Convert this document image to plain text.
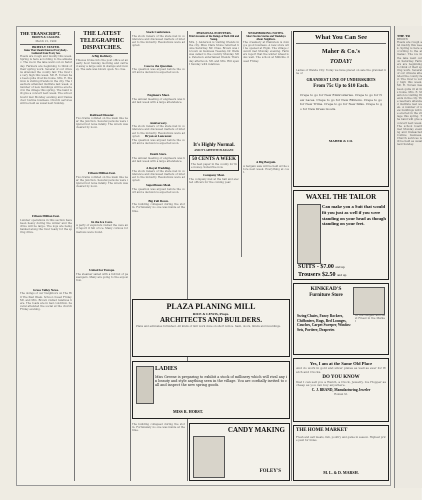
THE TRANSCRIPT.
BROWN & CALKINS.
March 21, 1900
BRIEFLY STATED.
Items That Should Interest Everybody--Gathered from Every Sea.
Roads are rough and muddy this week. Spring is here according to the almanac. The ice in the lake went out on Saturday. Farmers are beginning to think of their spring work. Several of our citizens attended the county fair. The river is very high this week. Mr. R. Torsen has been quite ill at his home. Mrs. E. Stanton is visiting friends in the city. The teachers attended institute last week. A number of new buildings will be erected in the village this spring. The band will give a concert next week. The school board met Monday evening and transacted routine business. Church services will be held as usual next Sunday.
Fifteen Million Feet.
Lumber operations in this section have been heavy during the winter and the drive will be large. The logs are being banked along the river ready for the spring drive.
Grass Valley News.
The doings of our Neighbors on The Hill The Past Week. School closed Friday. Mr. and Mrs. Brown visited relatives here. The roads are in bad condition. Several attended the social at the church Friday evening.
THE LATEST
TELEGRAPHIC
DISPATCHES.
A Big Robbery.
Thieves broke into the post office at an early hour Sunday morning and carried away a large sum in stamps and money. The safe was blown open. No clue.
Railroad Disaster.
Two trains collided on the main line near the junction. Several persons were injured but none fatally. The wreck was cleared by noon.
Fifteen Million Feet.
Two trains collided on the main line near the junction. Several persons were injured but none fatally. The wreck was cleared by noon.
In the Ice Cave.
A party of explorers visited the cave and report it full of ice. Many curious formations were found.
United for Europe.
The steamer sailed with a full list of passengers. Many are going to the exposition.
Stock Conference.
The stock raisers of the state met in conference and discussed matters of interest to the industry. Resolutions were adopted.
Case to the Question.
The question was argued before the court and a decision is expected soon.
Engineers Meet.
The annual meeting of engineers was held last week with a large attendance.
Anniversary.
The stock raisers of the state met in conference and discussed matters of interest to the industry. Resolutions were adopted.	Bryan at Lancaster.
The question was argued before the court and a decision is expected soon.
Death Stars.
The annual meeting of engineers was held last week with a large attendance.
A Royal Wedding.
The stock raisers of the state met in conference and discussed matters of interest to the industry. Resolutions were adopted.
Superfluous Meal.
The question was argued before the court and a decision is expected soon.
Big Fall Down.
The building collapsed during the storm. Fortunately no one was inside at the time.
PERSONAL POINTERS.
Brief Accounts of the Doings of Both Old and Young.
Mrs. J. Anderson is visiting friends in the city. Miss Clara Stone returned home Saturday. Mr. Chas. Brown was in town on business Tuesday. Dr. Wells was called to the country Monday. Mrs. Peterson entertained friends Thursday afternoon. Mr. and Mrs. Hill spent Sunday with relatives.
It's Highly Normal.
AND IT'S APPETITE PLEASANT.
50 CENTS A WEEK
The best paper in the county for the money. Subscribe now.
Company Meet.
The company met at the hall and elected officers for the coming year.
NEIGHBORING NOTES.
Short Stories Stories and Weekdays About Neighbors.
The creamery at Plainview is doing a good business. A new store will be opened at Elgin. The village council met Monday evening. Farmers report that the winter wheat looks well. The school at Millville closed Friday.
A Big Bargain.
A bargain sale will be held at the store next week. Everything at cost.
PLAZA PLANING MILL
RICE & LEWIS, Props.
ARCHITECTS AND BUILDERS.
Plans and estimates furnished. All kinds of mill work done on short notice. Sash, doors, blinds and mouldings.
LADIES
Miss Greene is preparing to exhibit a stock of millinery which will rival any in beauty and style anything seen in the village. You are cordially invited to call and inspect the new spring goods.
MISS R. HOBST.
CANDY MAKING
FOLEY'S
The building collapsed during the storm. Fortunately no one was inside at the time.
What You Can See
Maher & Co.'s
TODAY!
Ladies of Wanda City: Today we have placed on sale the grandest line of
GRANDEST LINE OF UNDERSKIRTS
From 75c Up to $10 Each.
Crepe to go for New Embroideries. Crepe to go for New Laces. Crepe to go for New Ribbons. Crepe to go for New Trims. Crepe to go for New Silks. Crepe to go for New Dress Goods.
MAHER & CO.
WAXEL THE TAILOR
Can make you a Suit that would fit you just as well if you were standing on your head as though standing on your feet.
SUITS - $7.00 and up
Trousers $2.50 and up
KINKEAD'S
Furniture Store
Of the Largest and Best Finest in the Market
Swing Chairs, Fancy Rockers, Chiffoniers, Rugs, Bed Lounges, Couches, Carpet Sweeper, Window Sets, Portiere, Draperies
Yes, I am at the Same Old Place
And do work in gold and silver plates as well as ever for Watch and Clocks.
DO YOU KNOW
that I can sell you a Watch, a Clock, Jewelry, Ice Hopper as cheap as you can buy anywhere.
C. J. BRAND, Manufacturing Jeweler
Roman St.
THE HOME MARKET
Fresh and salt meats, fish, poultry and game in season. Highest price paid for hides.
M. L. & D. MARSH.
THE TR
BROWN
Roads are rough and muddy this week. Spring is here according to the almanac. The ice in the lake went out on Saturday. Farmers are beginning to think of their spring work. Several of our citizens attended the county fair. The river is very high this week. Mr. R. Torsen has been quite ill at his home. Mrs. E. Stanton is visiting friends in the city. The teachers attended institute last week. A number of new buildings will be erected in the village this spring. The band will give a concert next week. The school board met Monday evening and transacted routine business. Church services will be held as usual next Sunday.
